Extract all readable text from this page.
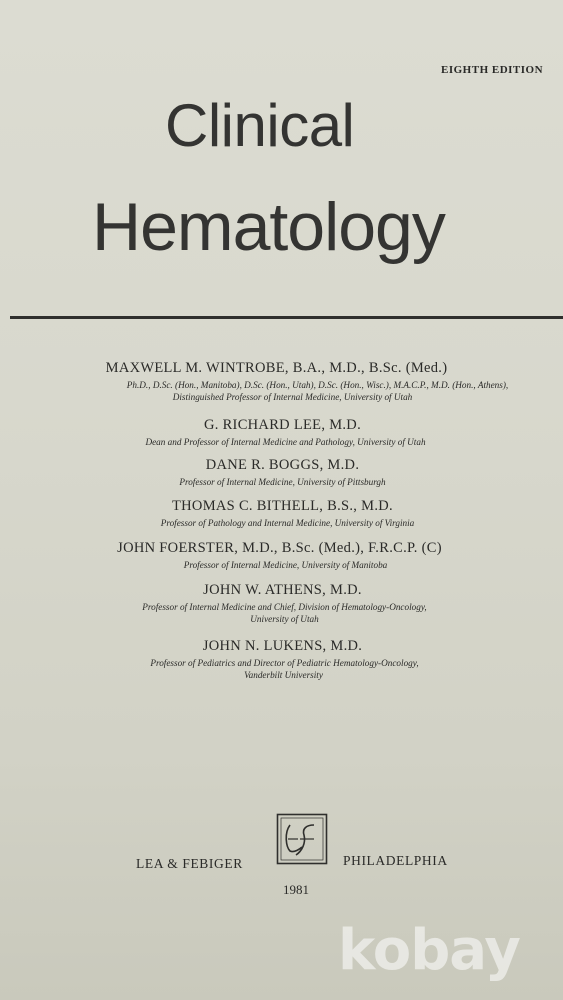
EIGHTH EDITION
Clinical
Hematology
MAXWELL M. WINTROBE, B.A., M.D., B.Sc. (Med.)
Ph.D., D.Sc. (Hon., Manitoba), D.Sc. (Hon., Utah), D.Sc. (Hon., Wisc.), M.A.C.P., M.D. (Hon., Athens),
Distinguished Professor of Internal Medicine, University of Utah
G. RICHARD LEE, M.D.
Dean and Professor of Internal Medicine and Pathology, University of Utah
DANE R. BOGGS, M.D.
Professor of Internal Medicine, University of Pittsburgh
THOMAS C. BITHELL, B.S., M.D.
Professor of Pathology and Internal Medicine, University of Virginia
JOHN FOERSTER, M.D., B.Sc. (Med.), F.R.C.P. (C)
Professor of Internal Medicine, University of Manitoba
JOHN W. ATHENS, M.D.
Professor of Internal Medicine and Chief, Division of Hematology-Oncology,
University of Utah
JOHN N. LUKENS, M.D.
Professor of Pediatrics and Director of Pediatric Hematology-Oncology,
Vanderbilt University
LEA & FEBIGER	PHILADELPHIA
1981
kobay
